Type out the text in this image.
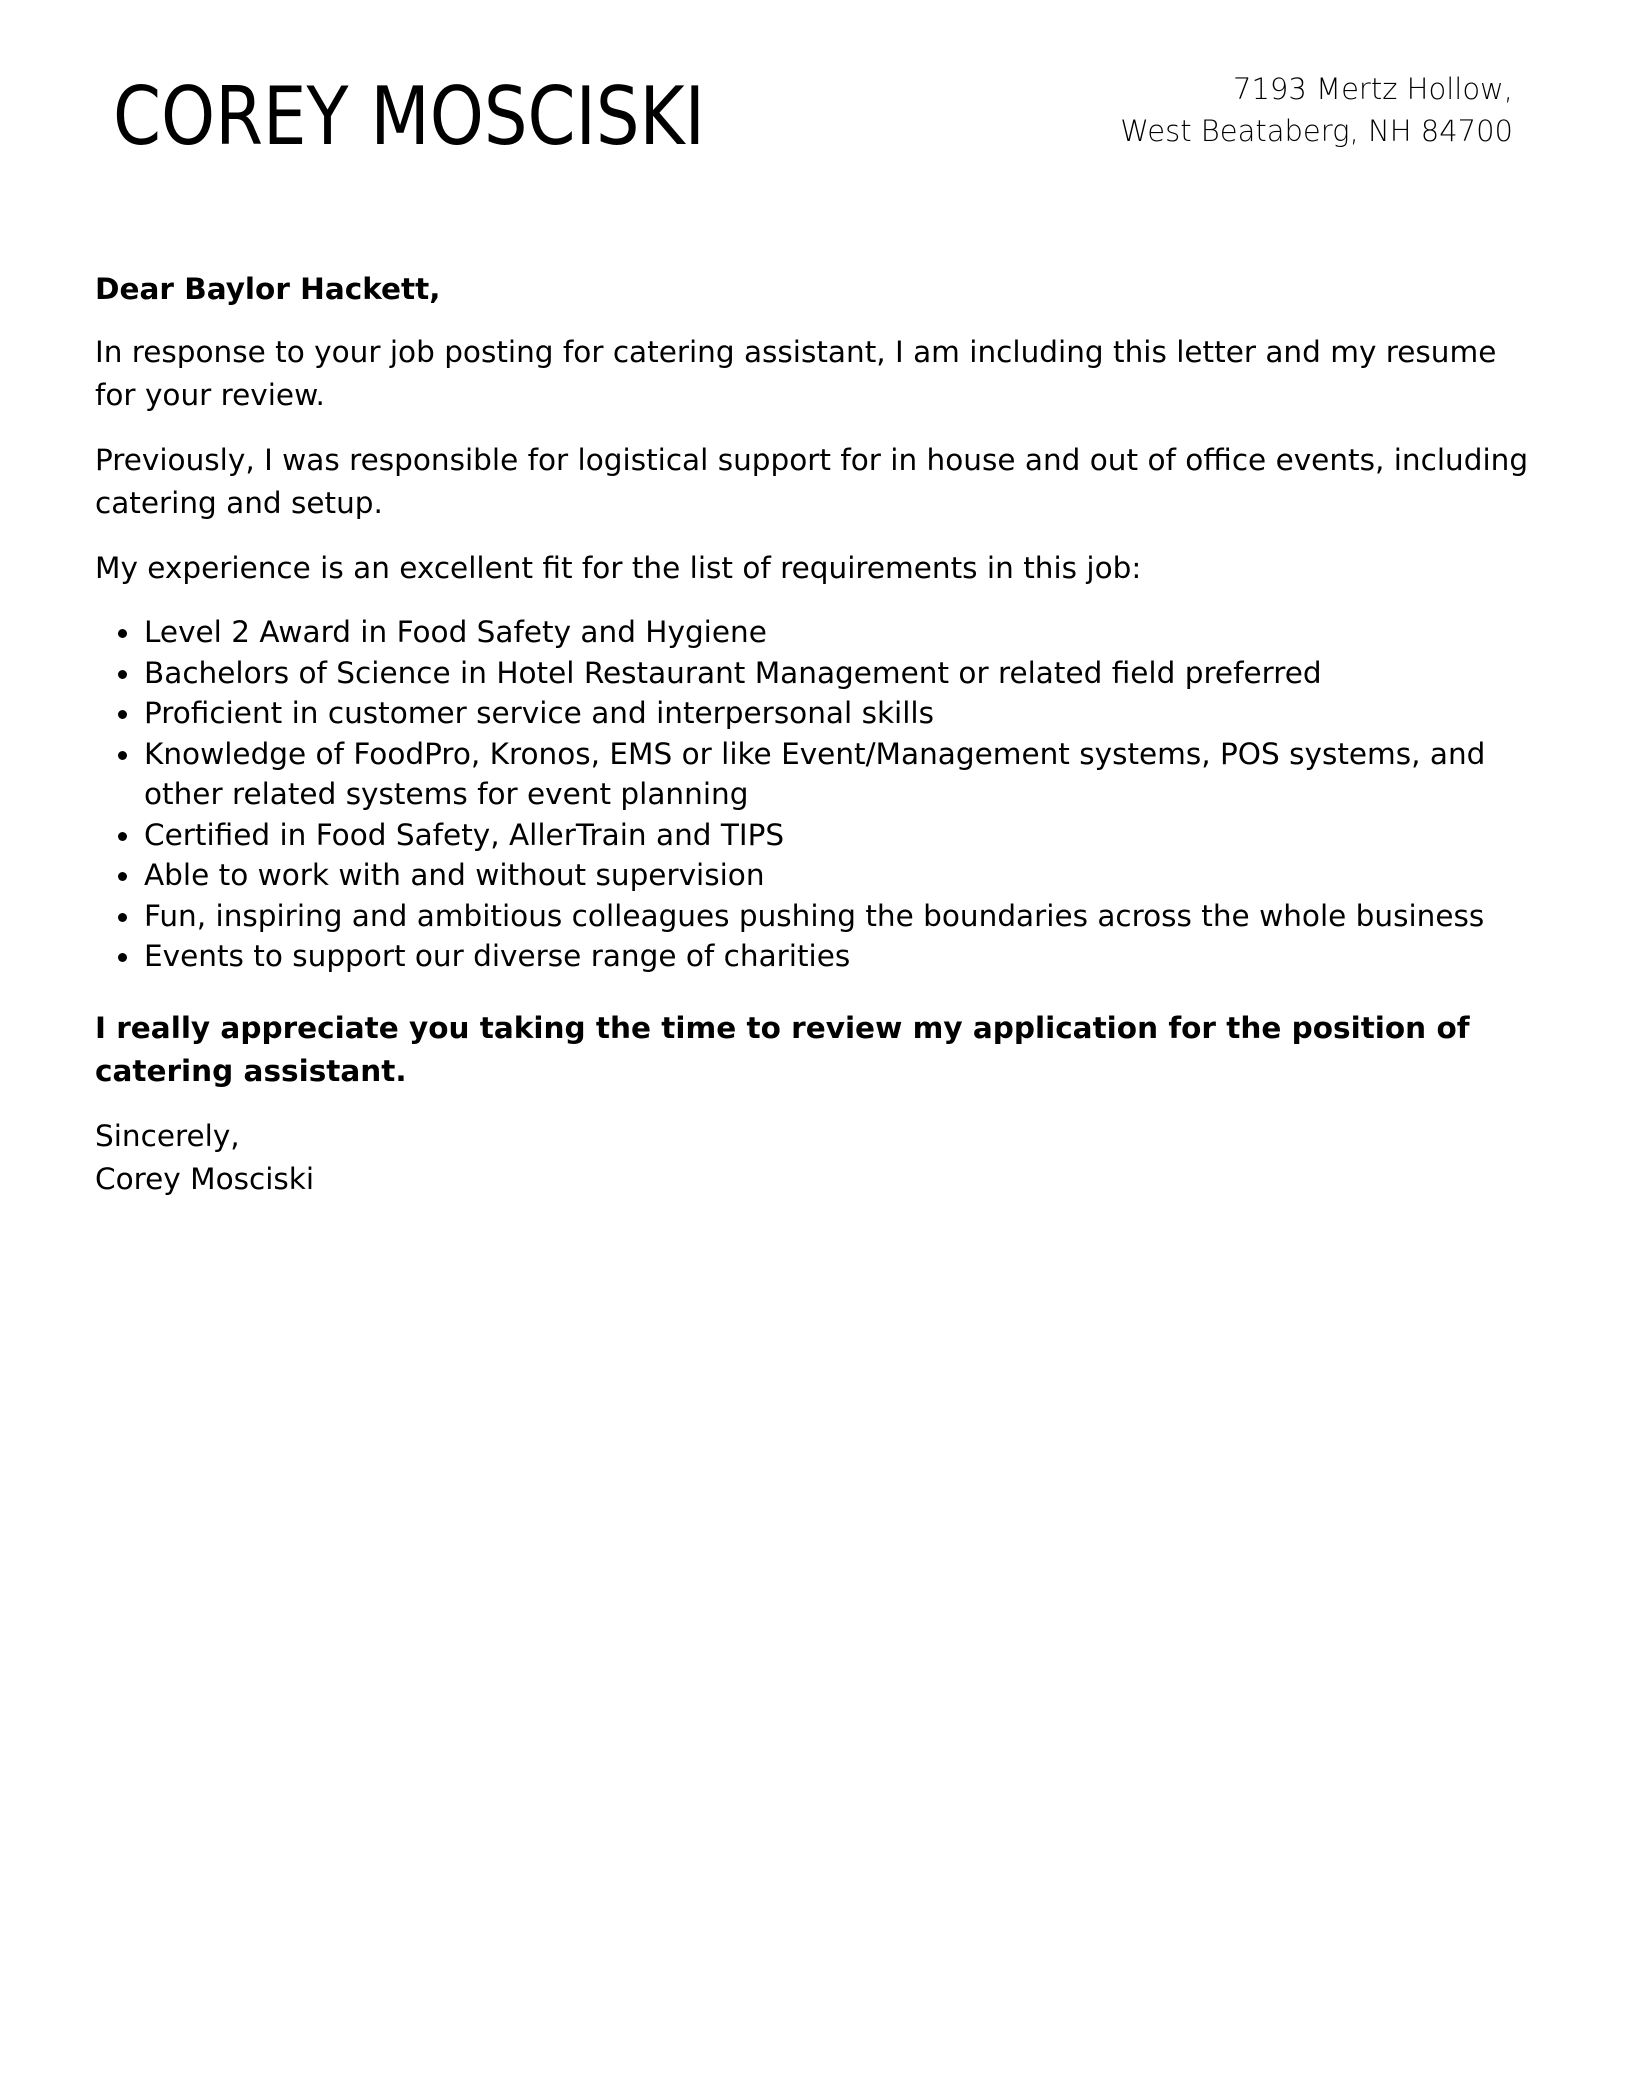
COREY MOSCISKI	7193 Mertz Hollow,
West Beataberg, NH 84700
Dear Baylor Hackett,

In response to your job posting for catering assistant, I am including this letter and my resume for your review.

Previously, I was responsible for logistical support for in house and out of office events, including catering and setup.

My experience is an excellent fit for the list of requirements in this job:

Level 2 Award in Food Safety and Hygiene
Bachelors of Science in Hotel Restaurant Management or related field preferred
Proficient in customer service and interpersonal skills
Knowledge of FoodPro, Kronos, EMS or like Event/Management systems, POS systems, and other related systems for event planning
Certified in Food Safety, AllerTrain and TIPS
Able to work with and without supervision
Fun, inspiring and ambitious colleagues pushing the boundaries across the whole business
Events to support our diverse range of charities
I really appreciate you taking the time to review my application for the position of catering assistant.
Sincerely,
Corey Mosciski
